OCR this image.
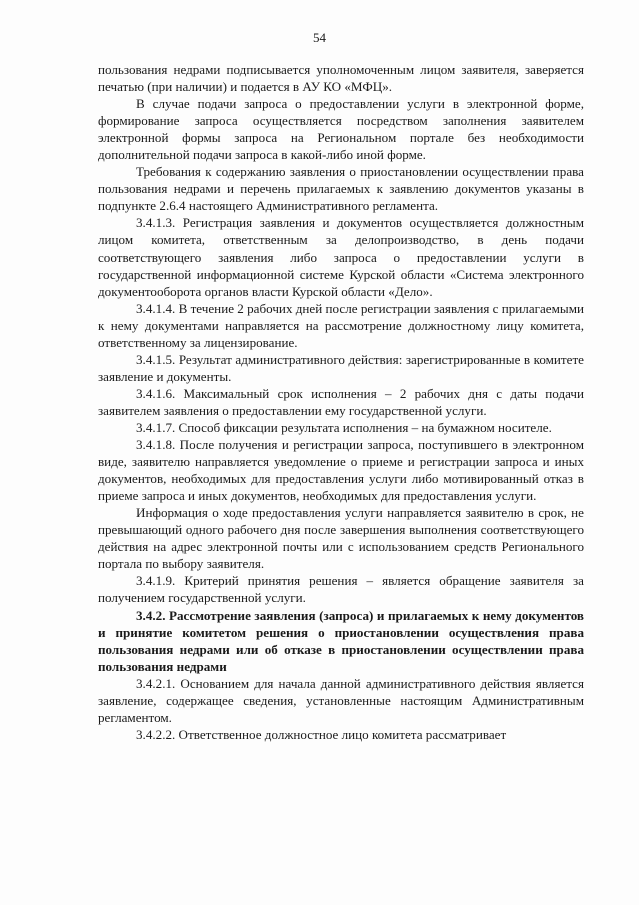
54

пользования недрами подписывается уполномоченным лицом заявителя, заверяется печатью (при наличии) и подается в АУ КО «МФЦ».

В случае подачи запроса о предоставлении услуги в электронной форме, формирование запроса осуществляется посредством заполнения заявителем электронной формы запроса на Региональном портале без необходимости дополнительной подачи запроса в какой-либо иной форме.

Требования к содержанию заявления о приостановлении осуществлении права пользования недрами и перечень прилагаемых к заявлению документов указаны в подпункте 2.6.4 настоящего Административного регламента.

3.4.1.3. Регистрация заявления и документов осуществляется должностным лицом комитета, ответственным за делопроизводство, в день подачи соответствующего заявления либо запроса о предоставлении услуги в государственной информационной системе Курской области «Система электронного документооборота органов власти Курской области «Дело».

3.4.1.4. В течение 2 рабочих дней после регистрации заявления с прилагаемыми к нему документами направляется на рассмотрение должностному лицу комитета, ответственному за лицензирование.

3.4.1.5. Результат административного действия: зарегистрированные в комитете заявление и документы.

3.4.1.6. Максимальный срок исполнения – 2 рабочих дня с даты подачи заявителем заявления о предоставлении ему государственной услуги.

3.4.1.7. Способ фиксации результата исполнения – на бумажном носителе.

3.4.1.8. После получения и регистрации запроса, поступившего в электронном виде, заявителю направляется уведомление о приеме и регистрации запроса и иных документов, необходимых для предоставления услуги либо мотивированный отказ в приеме запроса и иных документов, необходимых для предоставления услуги.

Информация о ходе предоставления услуги направляется заявителю в срок, не превышающий одного рабочего дня после завершения выполнения соответствующего действия на адрес электронной почты или с использованием средств Регионального портала по выбору заявителя.

3.4.1.9. Критерий принятия решения – является обращение заявителя за получением государственной услуги.

3.4.2. Рассмотрение заявления (запроса) и прилагаемых к нему документов и принятие комитетом решения о приостановлении осуществления права пользования недрами или об отказе в приостановлении осуществлении права пользования недрами

3.4.2.1. Основанием для начала данной административного действия является заявление, содержащее сведения, установленные настоящим Административным регламентом.

3.4.2.2. Ответственное должностное лицо комитета рассматривает
